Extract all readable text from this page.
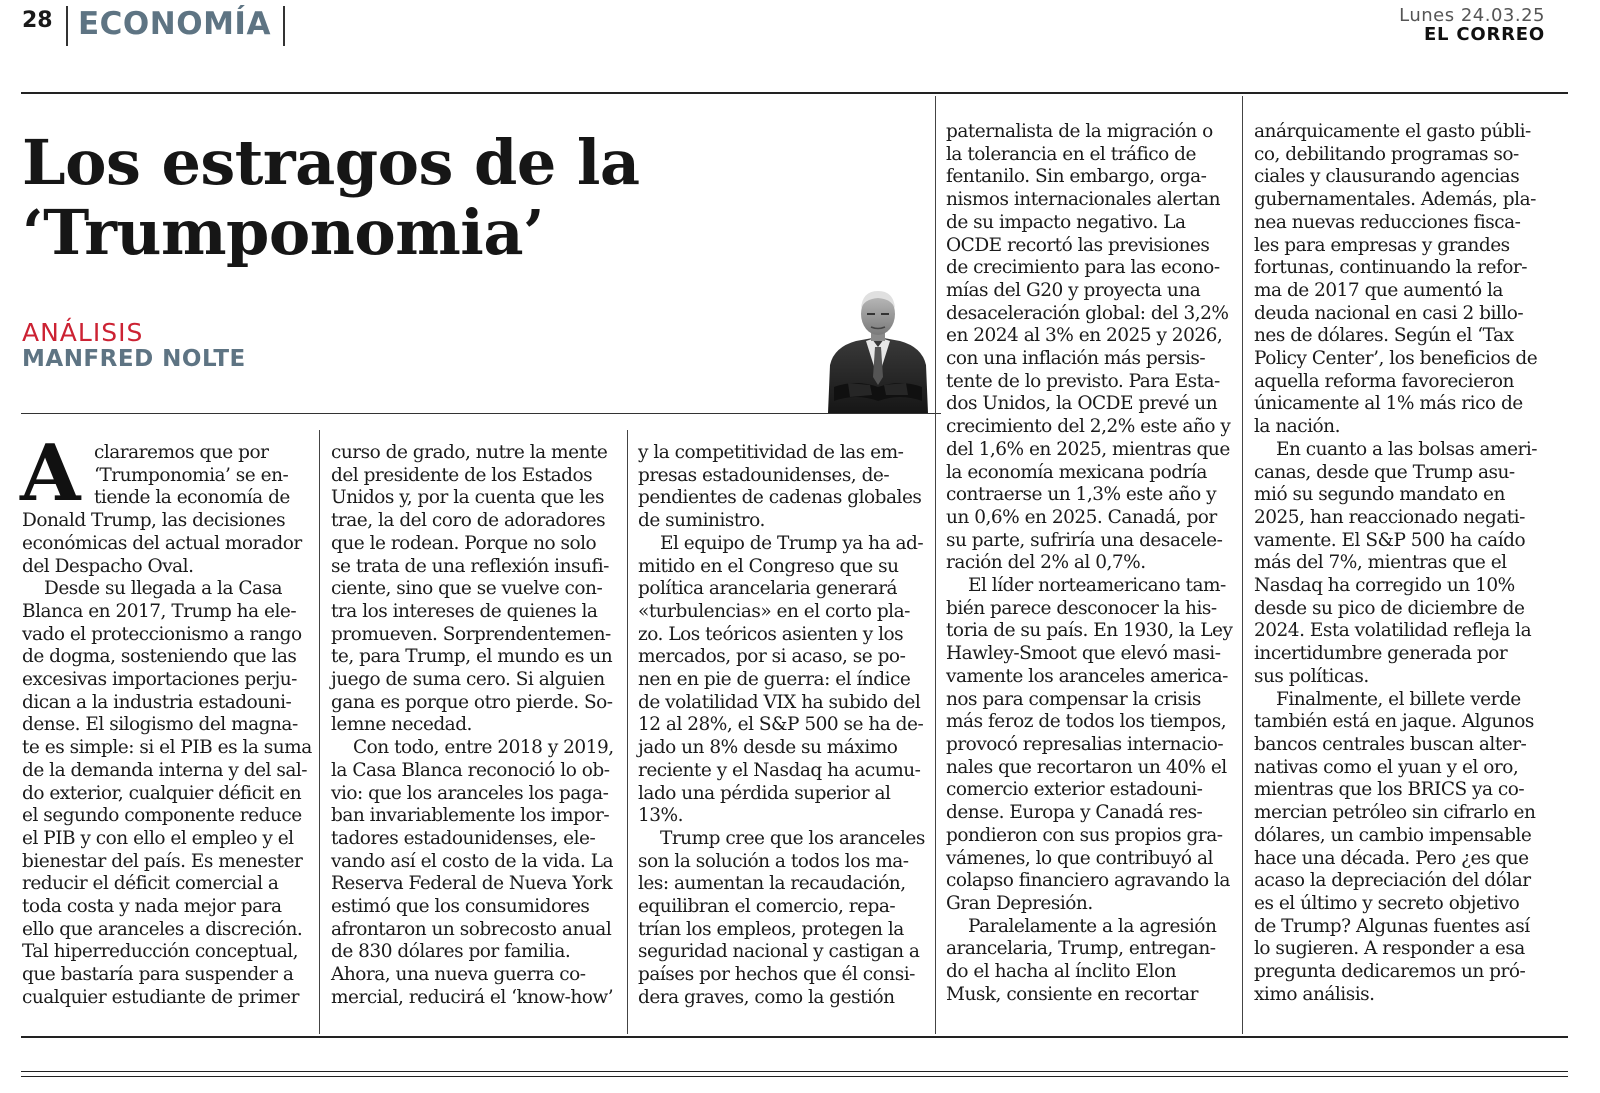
28 ECONOMÍA	Lunes 24.03.25
EL CORREO
Los estragos de la
‘Trumponomia’
ANÁLISIS
MANFRED NOLTE
A clararemos que por
‘Trumponomia’ se en-
tiende la economía de
Donald Trump, las decisiones
económicas del actual morador
del Despacho Oval.
Desde su llegada a la Casa
Blanca en 2017, Trump ha ele-
vado el proteccionismo a rango
de dogma, sosteniendo que las
excesivas importaciones perju-
dican a la industria estadouni-
dense. El silogismo del magna-
te es simple: si el PIB es la suma
de la demanda interna y del sal-
do exterior, cualquier déficit en
el segundo componente reduce
el PIB y con ello el empleo y el
bienestar del país. Es menester
reducir el déficit comercial a
toda costa y nada mejor para
ello que aranceles a discreción.
Tal hiperreducción conceptual,
que bastaría para suspender a
cualquier estudiante de primer
curso de grado, nutre la mente
del presidente de los Estados
Unidos y, por la cuenta que les
trae, la del coro de adoradores
que le rodean. Porque no solo
se trata de una reflexión insufi-
ciente, sino que se vuelve con-
tra los intereses de quienes la
promueven. Sorprendentemen-
te, para Trump, el mundo es un
juego de suma cero. Si alguien
gana es porque otro pierde. So-
lemne necedad.
Con todo, entre 2018 y 2019,
la Casa Blanca reconoció lo ob-
vio: que los aranceles los paga-
ban invariablemente los impor-
tadores estadounidenses, ele-
vando así el costo de la vida. La
Reserva Federal de Nueva York
estimó que los consumidores
afrontaron un sobrecosto anual
de 830 dólares por familia.
Ahora, una nueva guerra co-
mercial, reducirá el ‘know-how’
y la competitividad de las em-
presas estadounidenses, de-
pendientes de cadenas globales
de suministro.
El equipo de Trump ya ha ad-
mitido en el Congreso que su
política arancelaria generará
«turbulencias» en el corto pla-
zo. Los teóricos asienten y los
mercados, por si acaso, se po-
nen en pie de guerra: el índice
de volatilidad VIX ha subido del
12 al 28%, el S&P 500 se ha de-
jado un 8% desde su máximo
reciente y el Nasdaq ha acumu-
lado una pérdida superior al
13%.
Trump cree que los aranceles
son la solución a todos los ma-
les: aumentan la recaudación,
equilibran el comercio, repa-
trían los empleos, protegen la
seguridad nacional y castigan a
países por hechos que él consi-
dera graves, como la gestión
paternalista de la migración o
la tolerancia en el tráfico de
fentanilo. Sin embargo, orga-
nismos internacionales alertan
de su impacto negativo. La
OCDE recortó las previsiones
de crecimiento para las econo-
mías del G20 y proyecta una
desaceleración global: del 3,2%
en 2024 al 3% en 2025 y 2026,
con una inflación más persis-
tente de lo previsto. Para Esta-
dos Unidos, la OCDE prevé un
crecimiento del 2,2% este año y
del 1,6% en 2025, mientras que
la economía mexicana podría
contraerse un 1,3% este año y
un 0,6% en 2025. Canadá, por
su parte, sufriría una desacele-
ración del 2% al 0,7%.
El líder norteamericano tam-
bién parece desconocer la his-
toria de su país. En 1930, la Ley
Hawley-Smoot que elevó masi-
vamente los aranceles america-
nos para compensar la crisis
más feroz de todos los tiempos,
provocó represalias internacio-
nales que recortaron un 40% el
comercio exterior estadouni-
dense. Europa y Canadá res-
pondieron con sus propios gra-
vámenes, lo que contribuyó al
colapso financiero agravando la
Gran Depresión.
Paralelamente a la agresión
arancelaria, Trump, entregan-
do el hacha al ínclito Elon
Musk, consiente en recortar
anárquicamente el gasto públi-
co, debilitando programas so-
ciales y clausurando agencias
gubernamentales. Además, pla-
nea nuevas reducciones fisca-
les para empresas y grandes
fortunas, continuando la refor-
ma de 2017 que aumentó la
deuda nacional en casi 2 billo-
nes de dólares. Según el ‘Tax
Policy Center’, los beneficios de
aquella reforma favorecieron
únicamente al 1% más rico de
la nación.
En cuanto a las bolsas ameri-
canas, desde que Trump asu-
mió su segundo mandato en
2025, han reaccionado negati-
vamente. El S&P 500 ha caído
más del 7%, mientras que el
Nasdaq ha corregido un 10%
desde su pico de diciembre de
2024. Esta volatilidad refleja la
incertidumbre generada por
sus políticas.
Finalmente, el billete verde
también está en jaque. Algunos
bancos centrales buscan alter-
nativas como el yuan y el oro,
mientras que los BRICS ya co-
mercian petróleo sin cifrarlo en
dólares, un cambio impensable
hace una década. Pero ¿es que
acaso la depreciación del dólar
es el último y secreto objetivo
de Trump? Algunas fuentes así
lo sugieren. A responder a esa
pregunta dedicaremos un pró-
ximo análisis.
